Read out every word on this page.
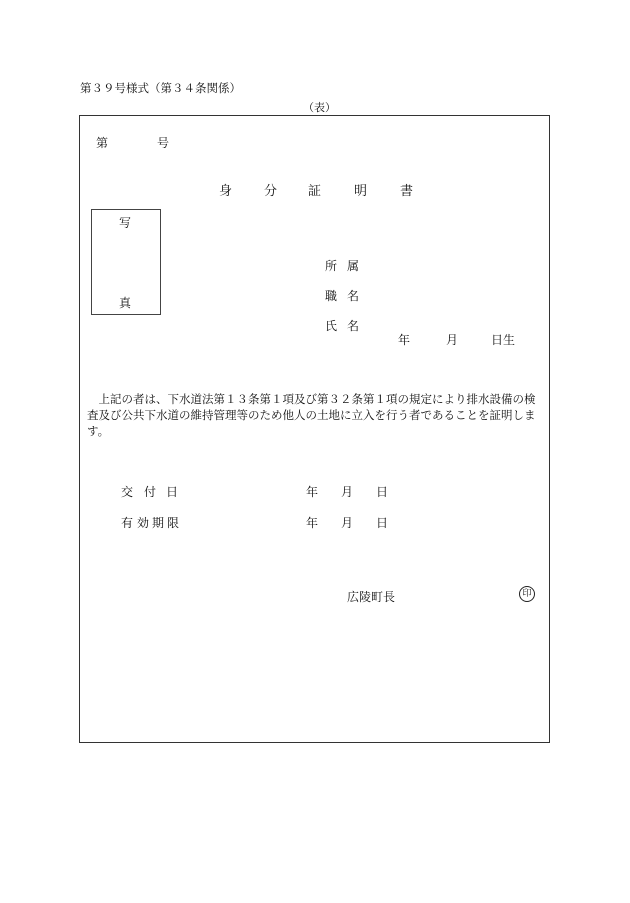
第３９号様式（第３４条関係）
（表）
第	号
身 分 証	明	書
写
真
所 属
職 名
氏 名
年	月	日生
上記の者は、下水道法第１３条第１項及び第３２条第１項の規定により排水設備の検査及び公共下水道の維持管理等のため他人の土地に立入を行う者であることを証明します。
交 付 日	年 月 日
有 効 期 限	年 月 日
広陵町長	印
